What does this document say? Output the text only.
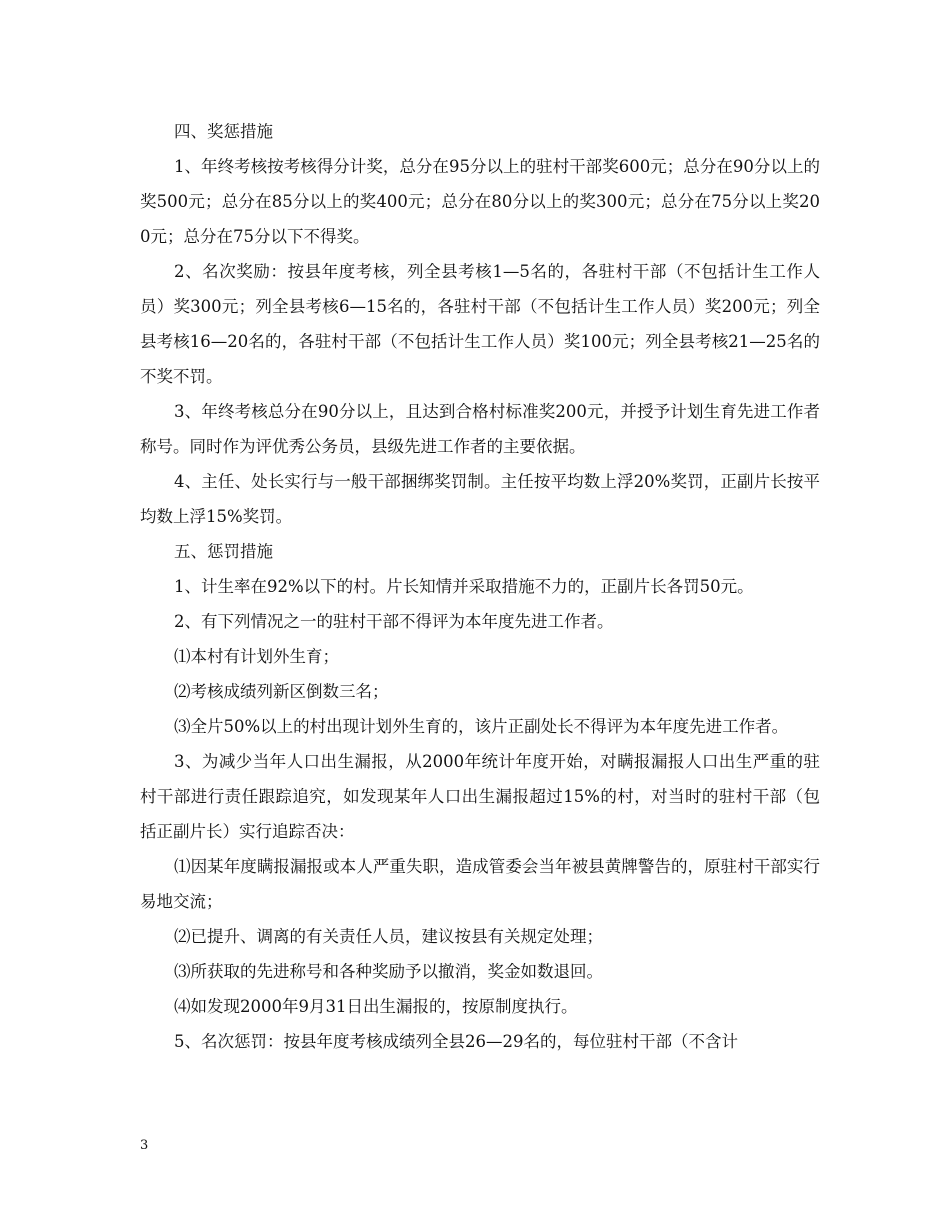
四、奖惩措施

1、年终考核按考核得分计奖，总分在95分以上的驻村干部奖600元；总分在90分以上的奖500元；总分在85分以上的奖400元；总分在80分以上的奖300元；总分在75分以上奖200元；总分在75分以下不得奖。

2、名次奖励：按县年度考核，列全县考核1—5名的，各驻村干部（不包括计生工作人员）奖300元；列全县考核6—15名的，各驻村干部（不包括计生工作人员）奖200元；列全县考核16—20名的，各驻村干部（不包括计生工作人员）奖100元；列全县考核21—25名的不奖不罚。

3、年终考核总分在90分以上，且达到合格村标准奖200元，并授予计划生育先进工作者称号。同时作为评优秀公务员，县级先进工作者的主要依据。

4、主任、处长实行与一般干部捆绑奖罚制。主任按平均数上浮20%奖罚，正副片长按平均数上浮15%奖罚。

五、惩罚措施

1、计生率在92%以下的村。片长知情并采取措施不力的，正副片长各罚50元。

2、有下列情况之一的驻村干部不得评为本年度先进工作者。

⑴本村有计划外生育；

⑵考核成绩列新区倒数三名；

⑶全片50%以上的村出现计划外生育的，该片正副处长不得评为本年度先进工作者。

3、为减少当年人口出生漏报，从2000年统计年度开始，对瞒报漏报人口出生严重的驻村干部进行责任跟踪追究，如发现某年人口出生漏报超过15%的村，对当时的驻村干部（包括正副片长）实行追踪否决：

⑴因某年度瞒报漏报或本人严重失职，造成管委会当年被县黄牌警告的，原驻村干部实行易地交流；

⑵已提升、调离的有关责任人员，建议按县有关规定处理；

⑶所获取的先进称号和各种奖励予以撤消，奖金如数退回。

⑷如发现2000年9月31日出生漏报的，按原制度执行。

5、名次惩罚：按县年度考核成绩列全县26—29名的，每位驻村干部（不含计

3
